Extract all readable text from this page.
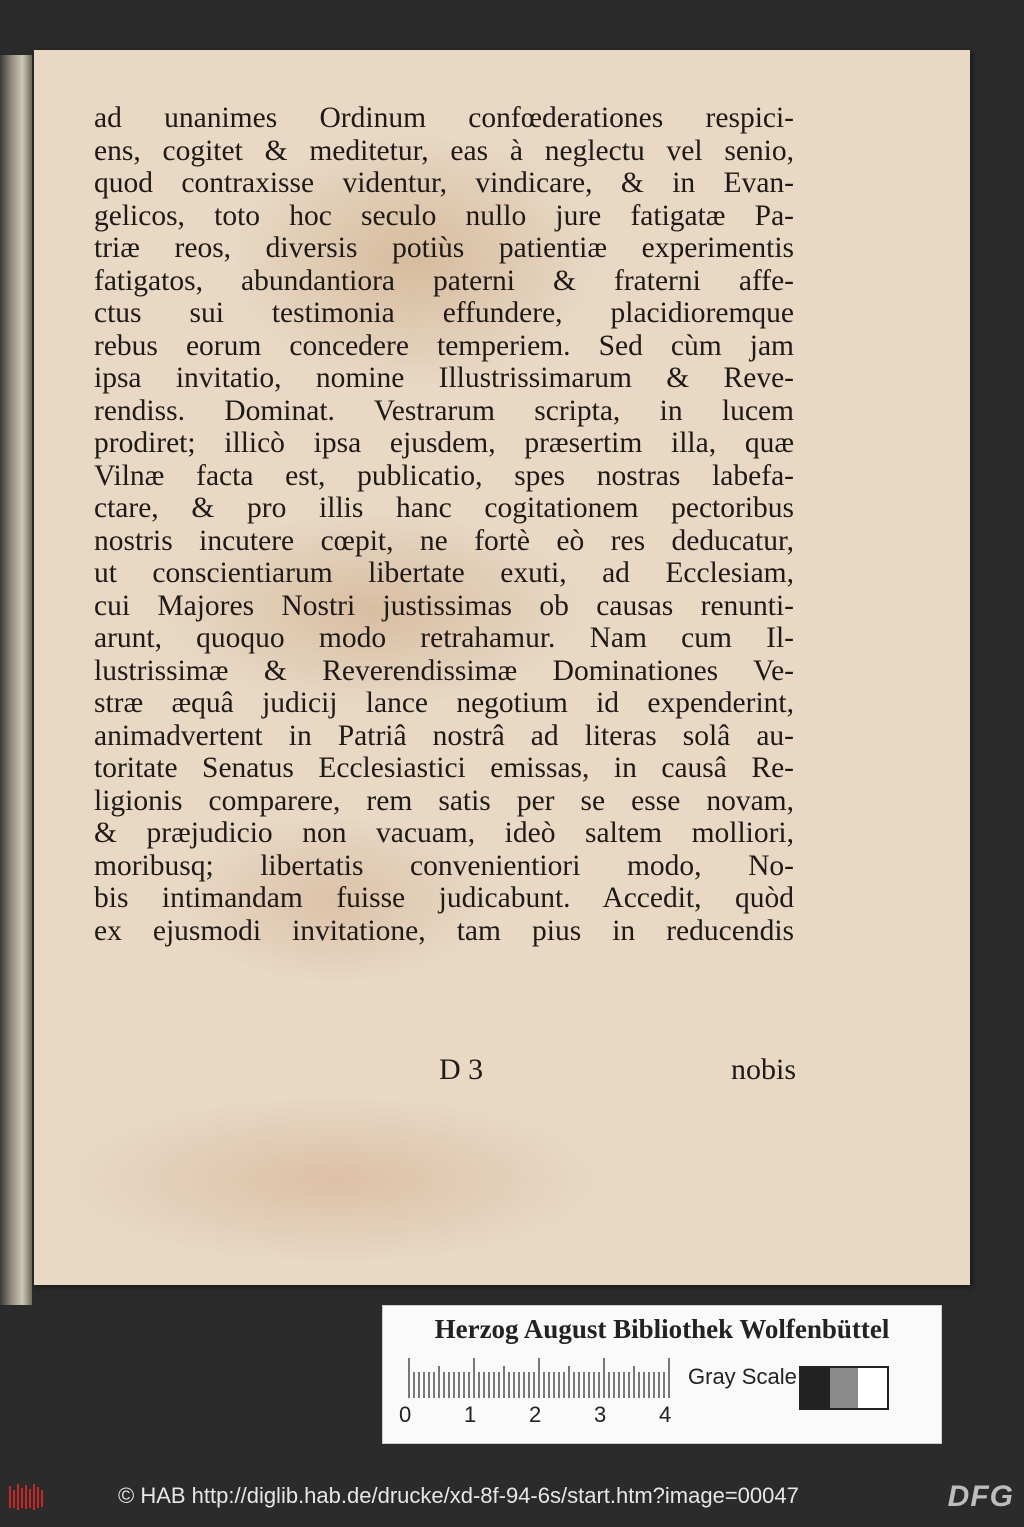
ad unanimes Ordinum confœderationes respici-
ens, cogitet & meditetur, eas à neglectu vel senio,
quod contraxisse videntur, vindicare, & in Evan-
gelicos, toto hoc seculo nullo jure fatigatæ Pa-
triæ reos, diversis potiùs patientiæ experimentis
fatigatos, abundantiora paterni & fraterni affe-
ctus sui testimonia effundere, placidioremque
rebus eorum concedere temperiem. Sed cùm jam
ipsa invitatio, nomine Illustrissimarum & Reve-
rendiss. Dominat. Vestrarum scripta, in lucem
prodiret; illicò ipsa ejusdem, præsertim illa, quæ
Vilnæ facta est, publicatio, spes nostras labefa-
ctare, & pro illis hanc cogitationem pectoribus
nostris incutere cœpit, ne fortè eò res deducatur,
ut conscientiarum libertate exuti, ad Ecclesiam,
cui Majores Nostri justissimas ob causas renunti-
arunt, quoquo modo retrahamur. Nam cum Il-
lustrissimæ & Reverendissimæ Dominationes Ve-
stræ æquâ judicij lance negotium id expenderint,
animadvertent in Patriâ nostrâ ad literas solâ au-
toritate Senatus Ecclesiastici emissas, in causâ Re-
ligionis comparere, rem satis per se esse novam,
& præjudicio non vacuam, ideò saltem molliori,
moribusq; libertatis convenientiori modo, No-
bis intimandam fuisse judicabunt. Accedit, quòd
ex ejusmodi invitatione, tam pius in reducendis
D 3	nobis
Herzog August Bibliothek Wolfenbüttel
0 1 2 3 4
Gray Scale
© HAB http://diglib.hab.de/drucke/xd-8f-94-6s/start.htm?image=00047	DFG
